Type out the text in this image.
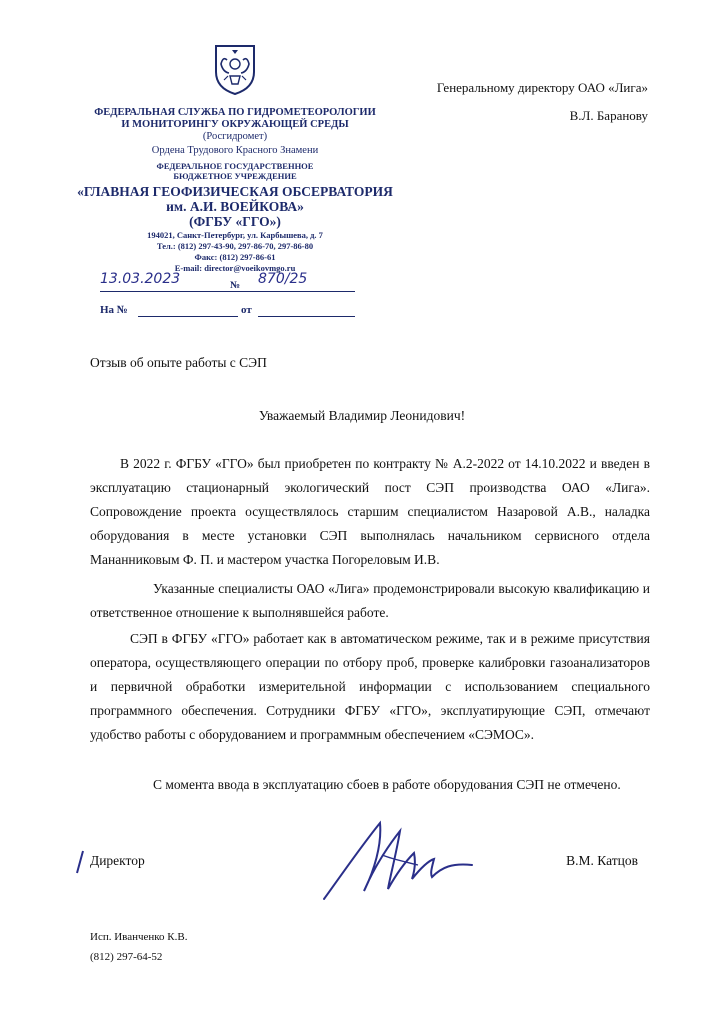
ФЕДЕРАЛЬНАЯ СЛУЖБА ПО ГИДРОМЕТЕОРОЛОГИИ
И МОНИТОРИНГУ ОКРУЖАЮЩЕЙ СРЕДЫ
(Росгидромет)
Ордена Трудового Красного Знамени
ФЕДЕРАЛЬНОЕ ГОСУДАРСТВЕННОЕ
БЮДЖЕТНОЕ УЧРЕЖДЕНИЕ
«ГЛАВНАЯ ГЕОФИЗИЧЕСКАЯ ОБСЕРВАТОРИЯ
им. А.И. ВОЕЙКОВА»
(ФГБУ «ГГО»)
194021, Санкт-Петербург, ул. Карбышева, д. 7
Тел.: (812) 297-43-90, 297-86-70, 297-86-80
Факс: (812) 297-86-61
E-mail: director@voeikovmgo.ru
13.03.2023	№ 870/25
На №	от
Генеральному директору ОАО «Лига»
В.Л. Баранову
Отзыв об опыте работы с СЭП
Уважаемый Владимир Леонидович!

В 2022 г. ФГБУ «ГГО» был приобретен по контракту № А.2-2022 от 14.10.2022 и введен в эксплуатацию стационарный экологический пост СЭП производства ОАО «Лига». Сопровождение проекта осуществлялось старшим специалистом Назаровой А.В., наладка оборудования в месте установки СЭП выполнялась начальником сервисного отдела Мананниковым Ф. П. и мастером участка Погореловым И.В.

Указанные специалисты ОАО «Лига» продемонстрировали высокую квалификацию и ответственное отношение к выполнявшейся работе.

СЭП в ФГБУ «ГГО» работает как в автоматическом режиме, так и в режиме присутствия оператора, осуществляющего операции по отбору проб, проверке калибровки газоанализаторов и первичной обработки измерительной информации с использованием специального программного обеспечения. Сотрудники ФГБУ «ГГО», эксплуатирующие СЭП, отмечают удобство работы с оборудованием и программным обеспечением «СЭМОС».

С момента ввода в эксплуатацию сбоев в работе оборудования СЭП не отмечено.

Директор	В.М. Катцов
Исп. Иванченко К.В.
(812) 297-64-52
